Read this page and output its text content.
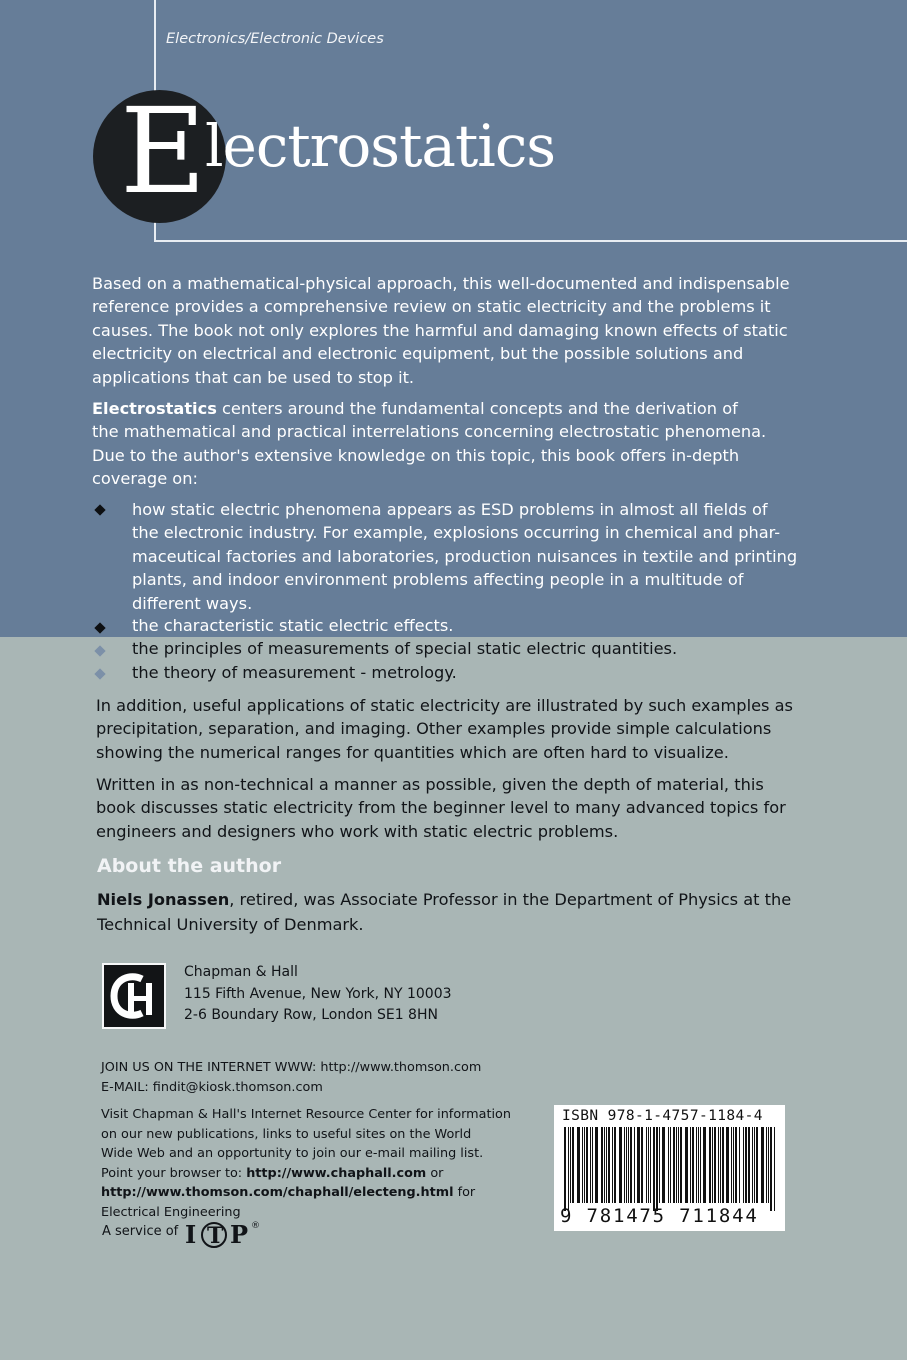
Electronics/Electronic Devices

E
lectrostatics
Based on a mathematical-physical approach, this well-documented and indispensable
reference provides a comprehensive review on static electricity and the problems it
causes. The book not only explores the harmful and damaging known effects of static
electricity on electrical and electronic equipment, but the possible solutions and
applications that can be used to stop it.
Electrostatics centers around the fundamental concepts and the derivation of
the mathematical and practical interrelations concerning electrostatic phenomena.
Due to the author's extensive knowledge on this topic, this book offers in-depth
coverage on:
how static electric phenomena appears as ESD problems in almost all fields of
the electronic industry. For example, explosions occurring in chemical and phar-
maceutical factories and laboratories, production nuisances in textile and printing
plants, and indoor environment problems affecting people in a multitude of
different ways.
the characteristic static electric effects.
the principles of measurements of special static electric quantities.
the theory of measurement - metrology.
In addition, useful applications of static electricity are illustrated by such examples as
precipitation, separation, and imaging. Other examples provide simple calculations
showing the numerical ranges for quantities which are often hard to visualize.
Written in as non-technical a manner as possible, given the depth of material, this
book discusses static electricity from the beginner level to many advanced topics for
engineers and designers who work with static electric problems.

About the author

Niels Jonassen, retired, was Associate Professor in the Department of Physics at the
Technical University of Denmark.
Chapman & Hall
115 Fifth Avenue, New York, NY 10003
2-6 Boundary Row, London SE1 8HN
JOIN US ON THE INTERNET WWW: http://www.thomson.com
E-MAIL: findit@kiosk.thomson.com
Visit Chapman & Hall's Internet Resource Center for information
on our new publications, links to useful sites on the World
Wide Web and an opportunity to join our e-mail mailing list.
Point your browser to: http://www.chaphall.com or
http://www.thomson.com/chaphall/electeng.html for
Electrical Engineering

A service of I T P ®

ISBN 978-1-4757-1184-4

9 781475 711844
